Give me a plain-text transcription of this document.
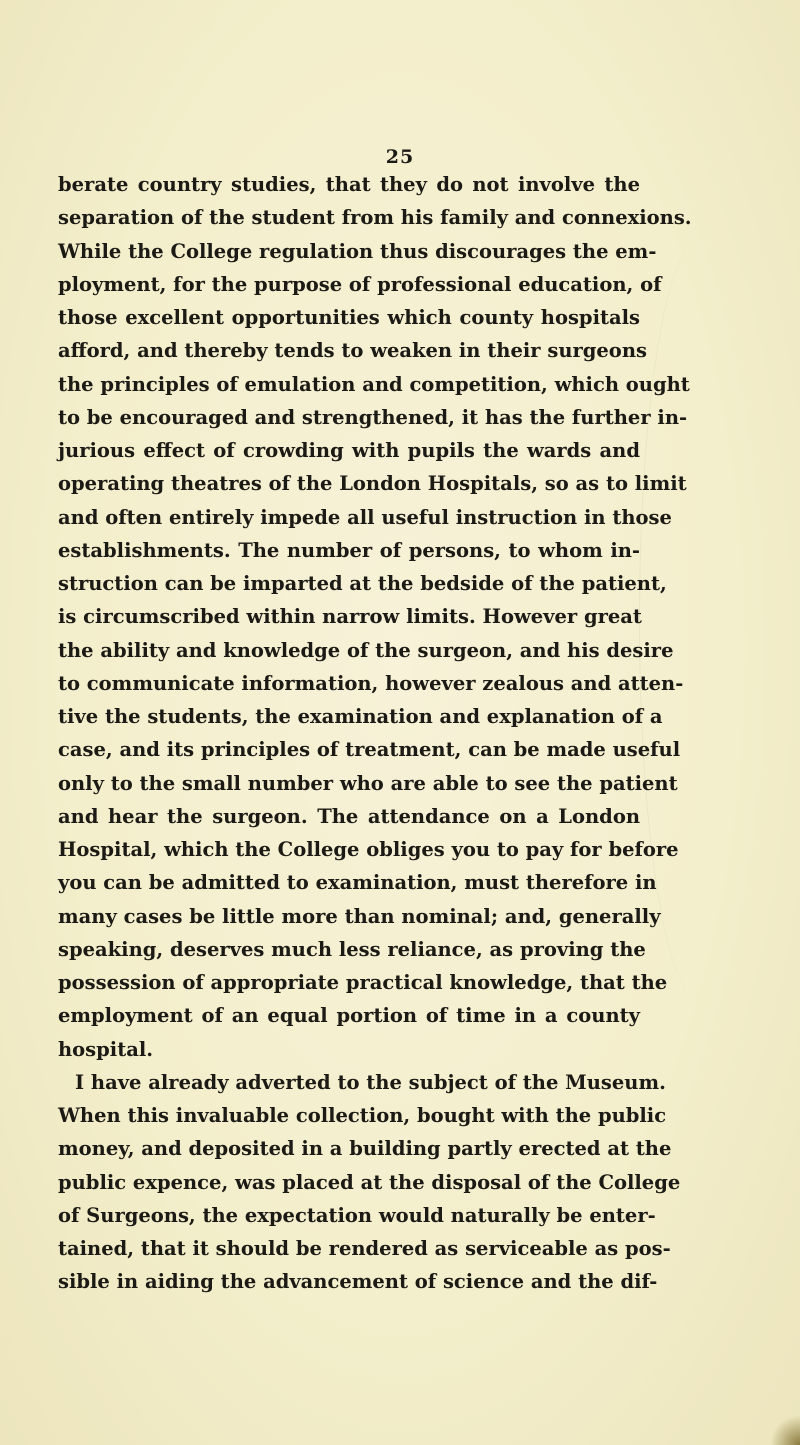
25
berate country studies, that they do not involve the
separation of the student from his family and connexions.
While the College regulation thus discourages the em-
ployment, for the purpose of professional education, of
those excellent opportunities which county hospitals
afford, and thereby tends to weaken in their surgeons
the principles of emulation and competition, which ought
to be encouraged and strengthened, it has the further in-
jurious effect of crowding with pupils the wards and
operating theatres of the London Hospitals, so as to limit
and often entirely impede all useful instruction in those
establishments. The number of persons, to whom in-
struction can be imparted at the bedside of the patient,
is circumscribed within narrow limits. However great
the ability and knowledge of the surgeon, and his desire
to communicate information, however zealous and atten-
tive the students, the examination and explanation of a
case, and its principles of treatment, can be made useful
only to the small number who are able to see the patient
and hear the surgeon. The attendance on a London
Hospital, which the College obliges you to pay for before
you can be admitted to examination, must therefore in
many cases be little more than nominal; and, generally
speaking, deserves much less reliance, as proving the
possession of appropriate practical knowledge, that the
employment of an equal portion of time in a county
hospital.
I have already adverted to the subject of the Museum.
When this invaluable collection, bought with the public
money, and deposited in a building partly erected at the
public expence, was placed at the disposal of the College
of Surgeons, the expectation would naturally be enter-
tained, that it should be rendered as serviceable as pos-
sible in aiding the advancement of science and the dif-
